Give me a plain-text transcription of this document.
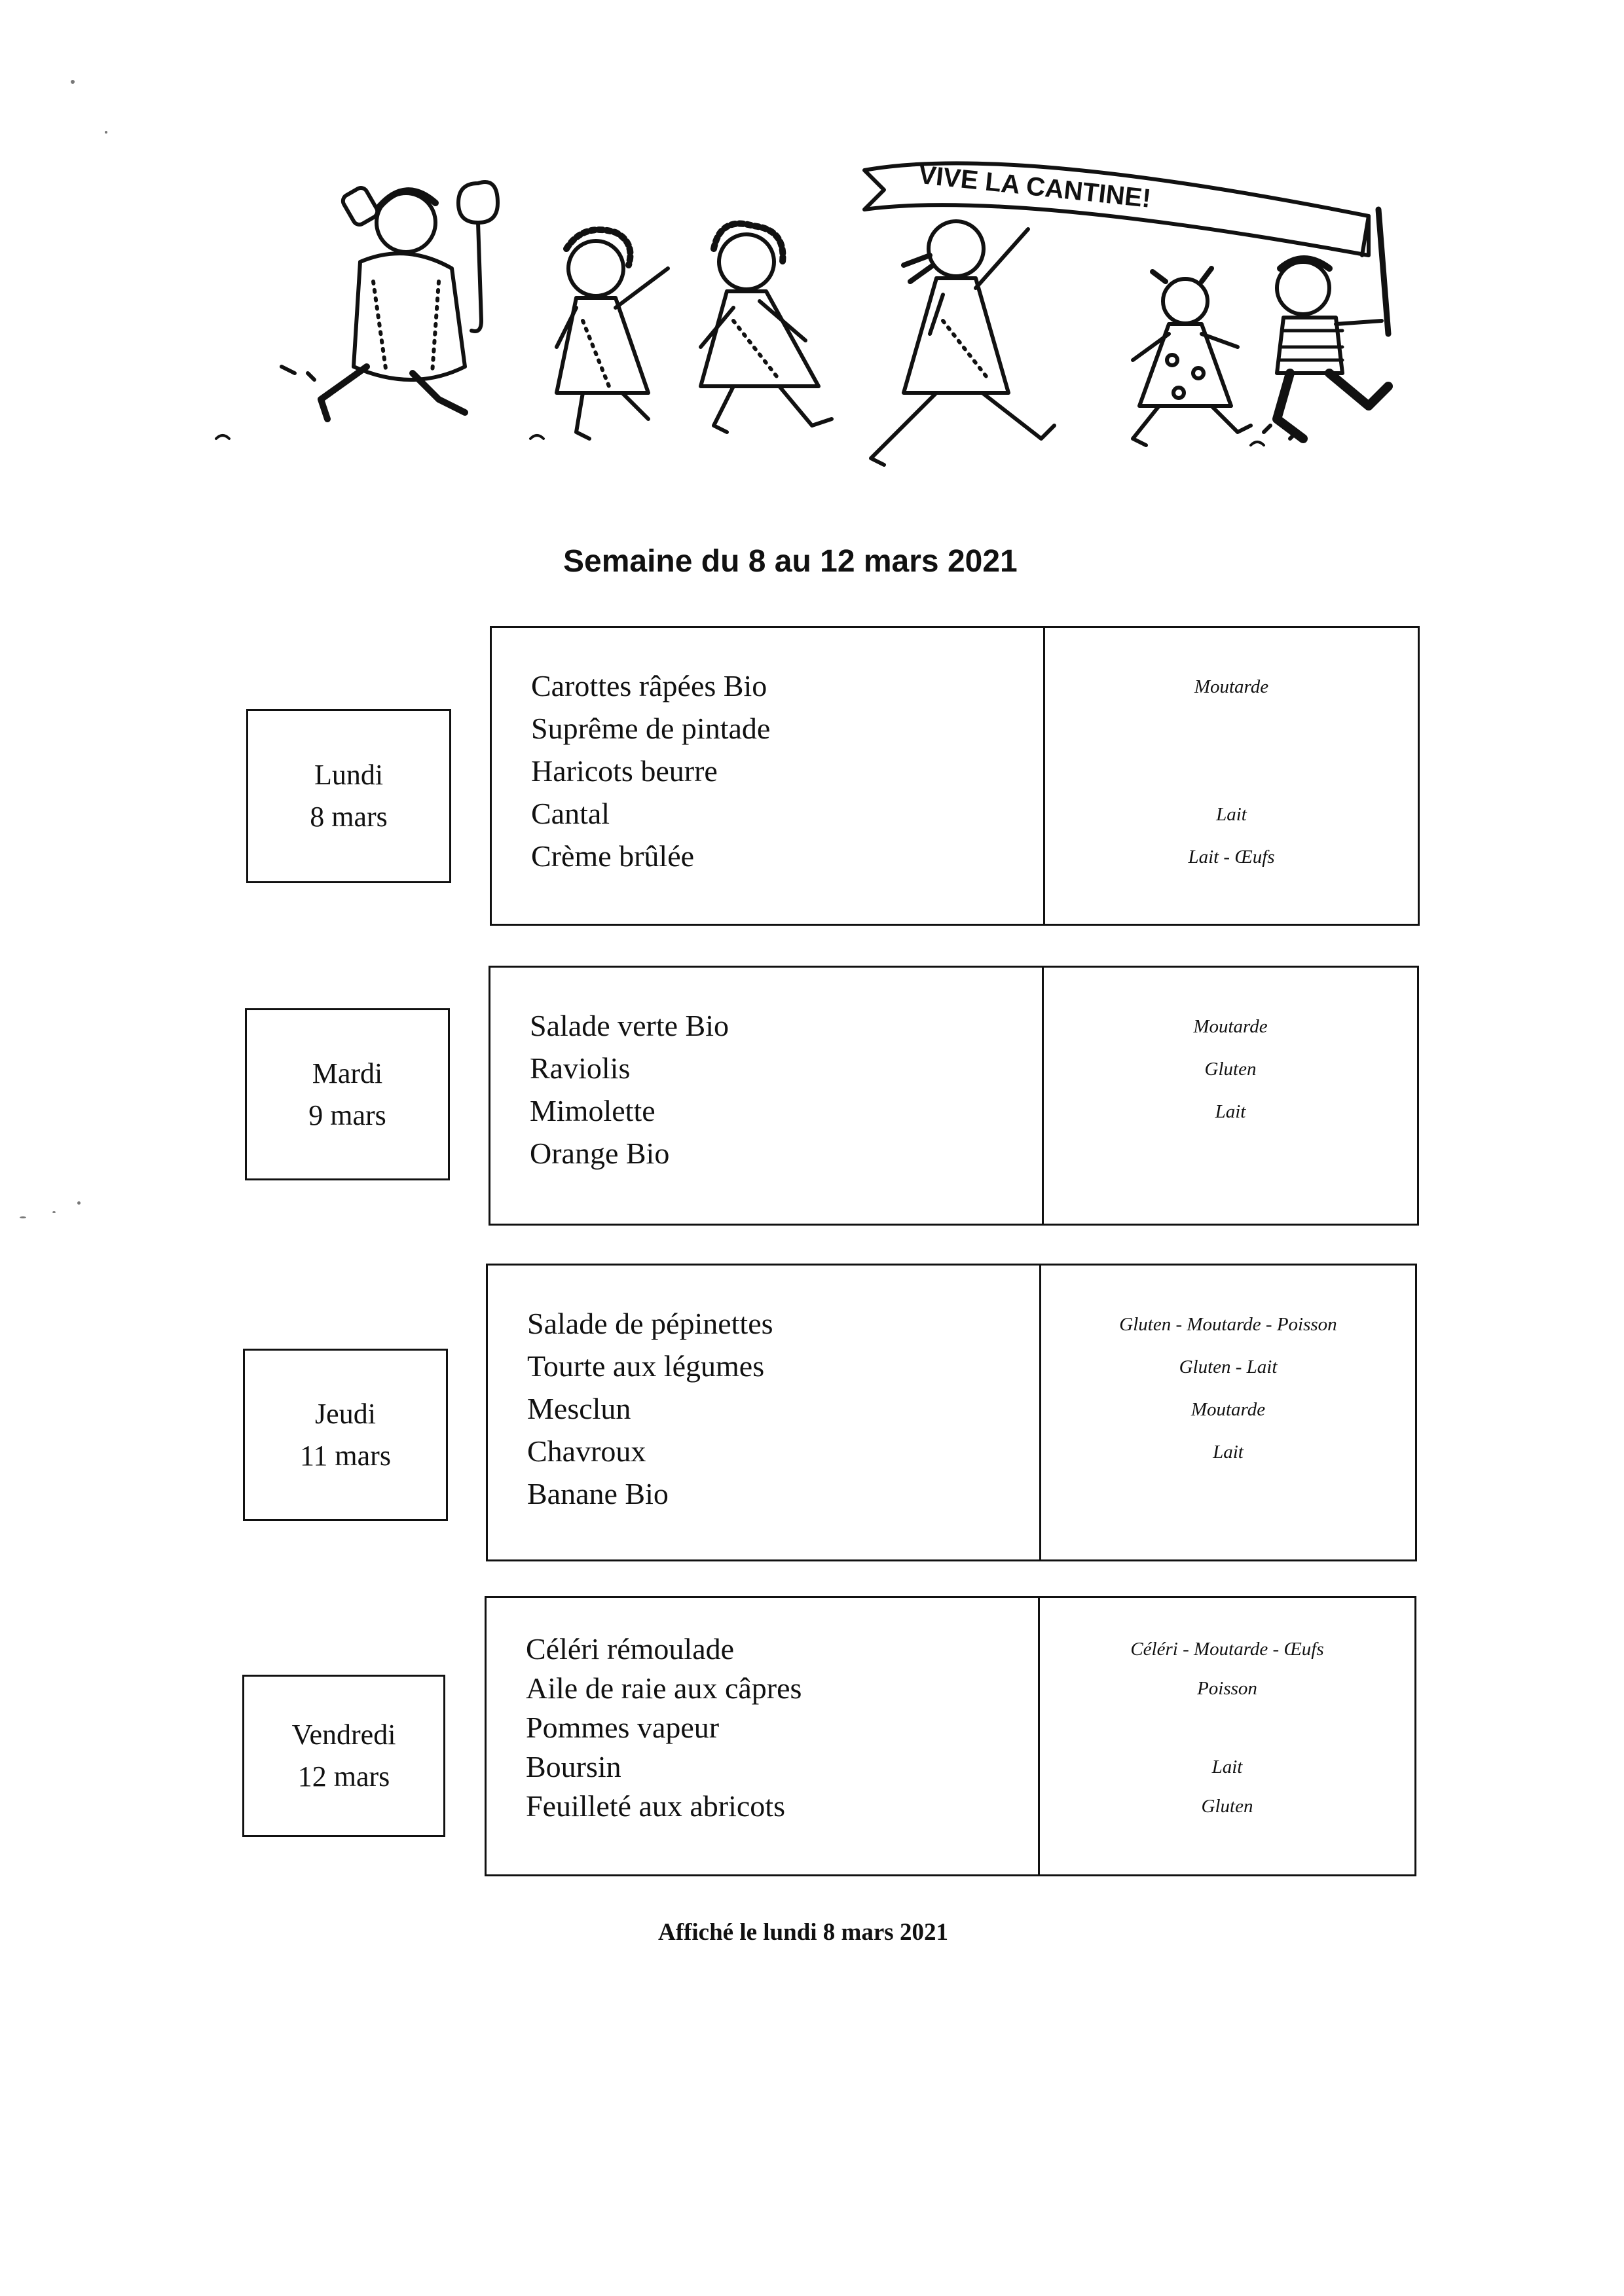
VIVE LA CANTINE!
Semaine du 8 au 12 mars 2021
Lundi
8 mars
Carottes râpées Bio
Suprême de pintade
Haricots beurre
Cantal
Crème brûlée
Moutarde

Lait
Lait - Œufs
Mardi
9 mars
Salade verte Bio
Raviolis
Mimolette
Orange Bio
Moutarde
Gluten
Lait
Jeudi
11 mars
Salade de pépinettes
Tourte aux légumes
Mesclun
Chavroux
Banane Bio
Gluten - Moutarde - Poisson
Gluten - Lait
Moutarde
Lait
Vendredi
12 mars
Céléri rémoulade
Aile de raie aux câpres
Pommes vapeur
Boursin
Feuilleté aux abricots
Céléri - Moutarde - Œufs
Poisson

Lait
Gluten
Affiché le lundi 8 mars 2021
